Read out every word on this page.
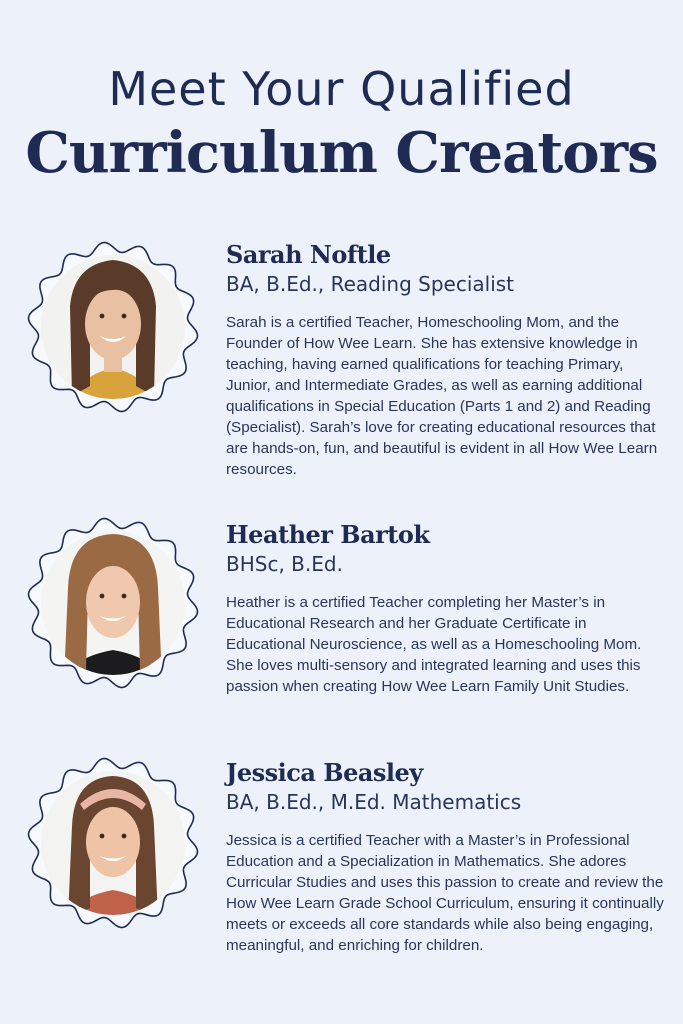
Meet Your Qualified
Curriculum Creators
Sarah Noftle
BA, B.Ed., Reading Specialist
Sarah is a certified Teacher, Homeschooling Mom, and the Founder of How Wee Learn. She has extensive knowledge in teaching, having earned qualifications for teaching Primary, Junior, and Intermediate Grades, as well as earning additional qualifications in Special Education (Parts 1 and 2) and Reading (Specialist). Sarah’s love for creating educational resources that are hands-on, fun, and beautiful is evident in all How Wee Learn resources.
Heather Bartok
BHSc, B.Ed.
Heather is a certified Teacher completing her Master’s in Educational Research and her Graduate Certificate in Educational Neuroscience, as well as a Homeschooling Mom. She loves multi-sensory and integrated learning and uses this passion when creating How Wee Learn Family Unit Studies.
Jessica Beasley
BA, B.Ed., M.Ed. Mathematics
Jessica is a certified Teacher with a Master’s in Professional Education and a Specialization in Mathematics. She adores Curricular Studies and uses this passion to create and review the How Wee Learn Grade School Curriculum, ensuring it continually meets or exceeds all core standards while also being engaging, meaningful, and enriching for children.
